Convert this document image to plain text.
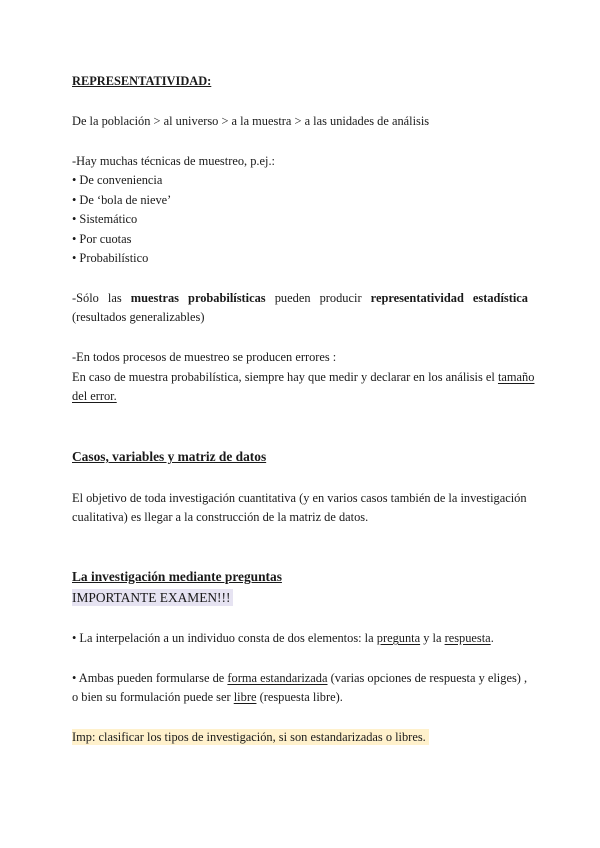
REPRESENTATIVIDAD:

De la población > al universo > a la muestra > a las unidades de análisis

-Hay muchas técnicas de muestreo, p.ej.:

• De conveniencia

• De ‘bola de nieve’

• Sistemático

• Por cuotas

• Probabilístico

-Sólo las muestras probabilísticas pueden producir representatividad estadística

(resultados generalizables)

-En todos procesos de muestreo se producen errores :

En caso de muestra probabilística, siempre hay que medir y declarar en los análisis el tamaño

del error.

Casos, variables y matriz de datos

El objetivo de toda investigación cuantitativa (y en varios casos también de la investigación

cualitativa) es llegar a la construcción de la matriz de datos.

La investigación mediante preguntas

IMPORTANTE EXAMEN!!!

• La interpelación a un individuo consta de dos elementos: la pregunta y la respuesta.

• Ambas pueden formularse de forma estandarizada (varias opciones de respuesta y eliges) ,

o bien su formulación puede ser libre (respuesta libre).

Imp: clasificar los tipos de investigación, si son estandarizadas o libres.
